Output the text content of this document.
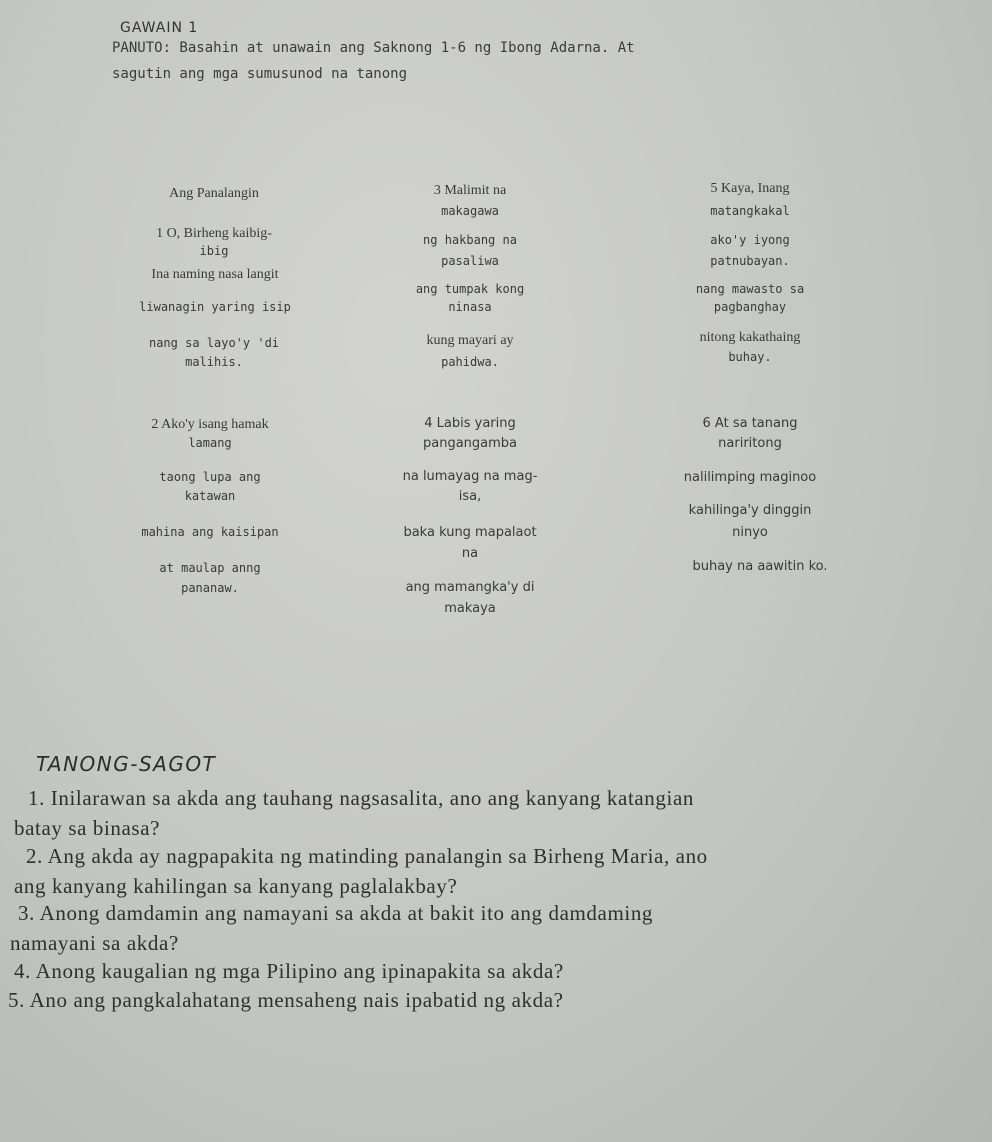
GAWAIN 1
PANUTO: Basahin at unawain ang Saknong 1-6 ng Ibong Adarna. At
sagutin ang mga sumusunod na tanong
Ang Panalangin
1 O, Birheng kaibig-
ibig
Ina naming nasa langit
liwanagin yaring isip
nang sa layo'y 'di
malihis.
2 Ako'y isang hamak
lamang
taong lupa ang
katawan
mahina ang kaisipan
at maulap anng
pananaw.
3 Malimit na
makagawa
ng hakbang na
pasaliwa
ang tumpak kong
ninasa
kung mayari ay
pahidwa.
4 Labis yaring
pangangamba
na lumayag na mag-
isa,
baka kung mapalaot
na
ang mamangka'y di
makaya
5 Kaya, Inang
matangkakal
ako'y iyong
patnubayan.
nang mawasto sa
pagbanghay
nitong kakathaing
buhay.
6 At sa tanang
nariritong
nalilimping maginoo
kahilinga'y dinggin
ninyo
buhay na aawitin ko.
TANONG-SAGOT
1. Inilarawan sa akda ang tauhang nagsasalita, ano ang kanyang katangian
batay sa binasa?
2. Ang akda ay nagpapakita ng matinding panalangin sa Birheng Maria, ano
ang kanyang kahilingan sa kanyang paglalakbay?
3. Anong damdamin ang namayani sa akda at bakit ito ang damdaming
namayani sa akda?
4. Anong kaugalian ng mga Pilipino ang ipinapakita sa akda?
5. Ano ang pangkalahatang mensaheng nais ipabatid ng akda?
